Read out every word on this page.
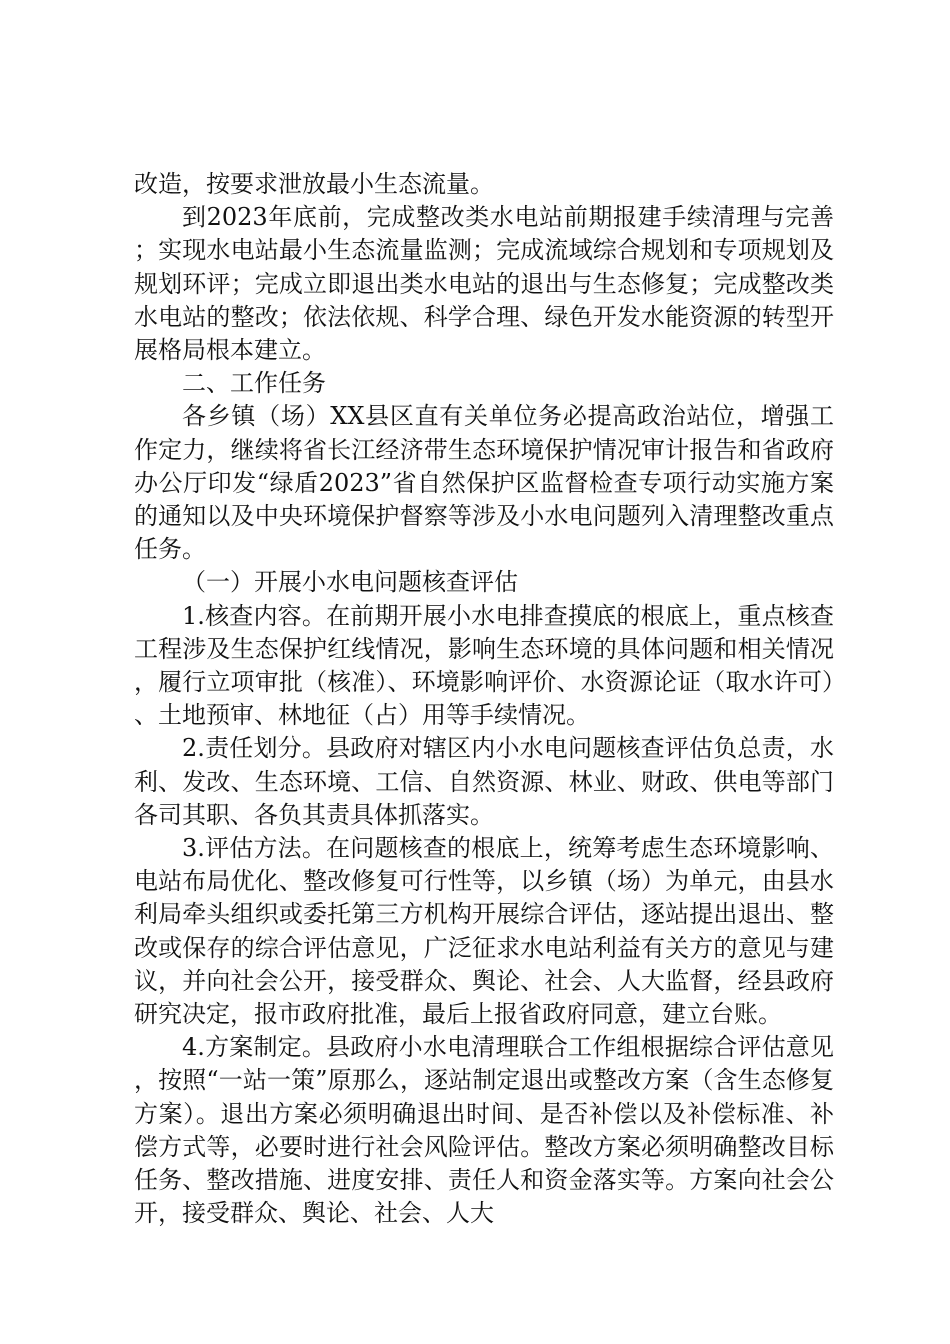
改造，按要求泄放最小生态流量。

到2023年底前，完成整改类水电站前期报建手续清理与完善；实现水电站最小生态流量监测；完成流域综合规划和专项规划及规划环评；完成立即退出类水电站的退出与生态修复；完成整改类水电站的整改；依法依规、科学合理、绿色开发水能资源的转型开展格局根本建立。

二、工作任务

各乡镇（场）XX县区直有关单位务必提高政治站位，增强工作定力，继续将省长江经济带生态环境保护情况审计报告和省政府办公厅印发“绿盾2023”省自然保护区监督检查专项行动实施方案的通知以及中央环境保护督察等涉及小水电问题列入清理整改重点任务。

（一）开展小水电问题核查评估

1.核查内容。在前期开展小水电排查摸底的根底上，重点核查工程涉及生态保护红线情况，影响生态环境的具体问题和相关情况，履行立项审批（核准）、环境影响评价、水资源论证（取水许可）、土地预审、林地征（占）用等手续情况。

2.责任划分。县政府对辖区内小水电问题核查评估负总责，水利、发改、生态环境、工信、自然资源、林业、财政、供电等部门各司其职、各负其责具体抓落实。

3.评估方法。在问题核查的根底上，统筹考虑生态环境影响、电站布局优化、整改修复可行性等，以乡镇（场）为单元，由县水利局牵头组织或委托第三方机构开展综合评估，逐站提出退出、整改或保存的综合评估意见，广泛征求水电站利益有关方的意见与建议，并向社会公开，接受群众、舆论、社会、人大监督，经县政府研究决定，报市政府批准，最后上报省政府同意，建立台账。

4.方案制定。县政府小水电清理联合工作组根据综合评估意见，按照“一站一策”原那么，逐站制定退出或整改方案（含生态修复方案）。退出方案必须明确退出时间、是否补偿以及补偿标准、补偿方式等，必要时进行社会风险评估。整改方案必须明确整改目标任务、整改措施、进度安排、责任人和资金落实等。方案向社会公开，接受群众、舆论、社会、人大
